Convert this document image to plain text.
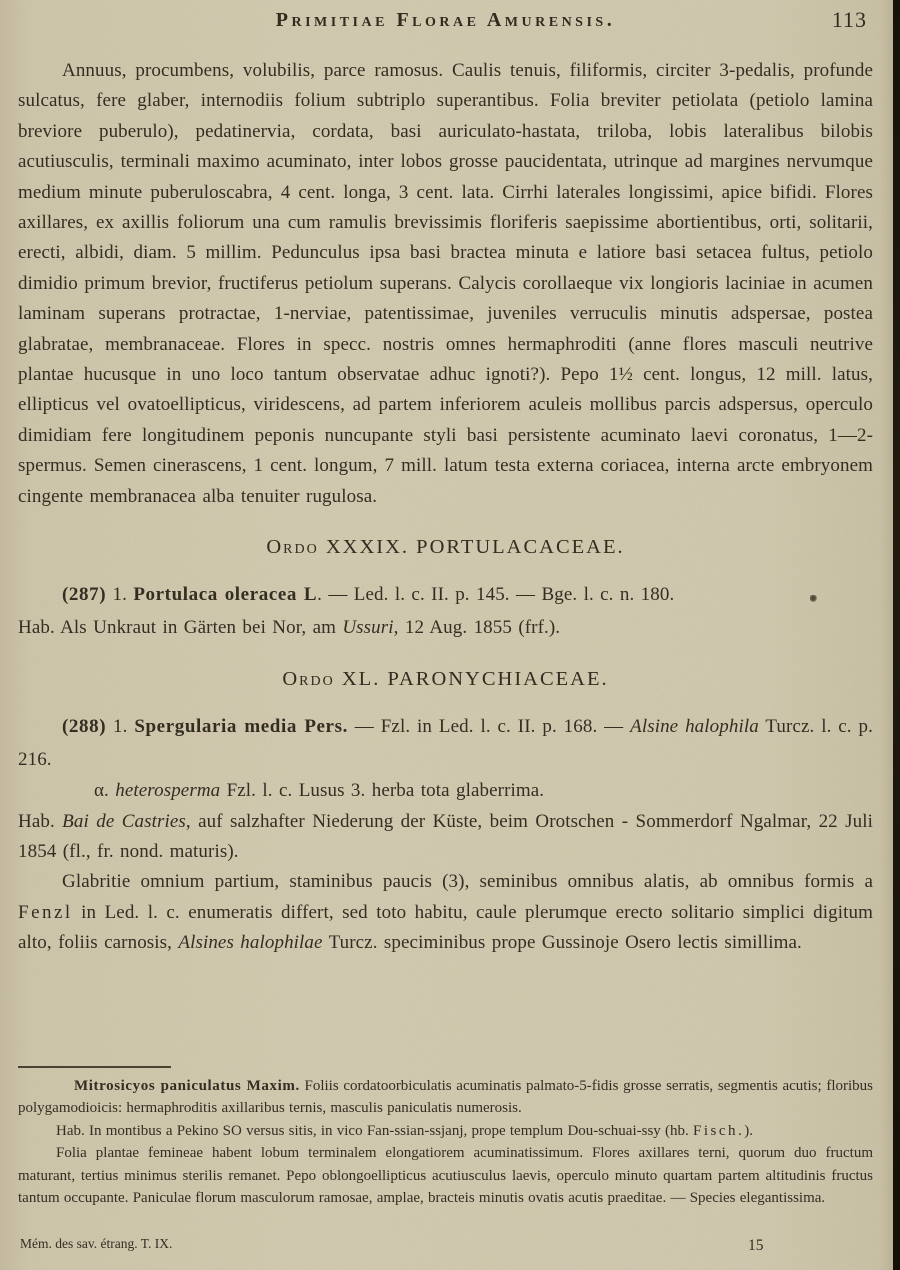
Primitiae Florae Amurensis.	113

Annuus, procumbens, volubilis, parce ramosus. Caulis tenuis, filiformis, circiter 3-pedalis, profunde sulcatus, fere glaber, internodiis folium subtriplo superantibus. Folia breviter petiolata (petiolo lamina breviore puberulo), pedatinervia, cordata, basi auriculato-hastata, triloba, lobis lateralibus bilobis acutiusculis, terminali maximo acuminato, inter lobos grosse paucidentata, utrinque ad margines nervumque medium minute puberuloscabra, 4 cent. longa, 3 cent. lata. Cirrhi laterales longissimi, apice bifidi. Flores axillares, ex axillis foliorum una cum ramulis brevissimis floriferis saepissime abortientibus, orti, solitarii, erecti, albidi, diam. 5 millim. Pedunculus ipsa basi bractea minuta e latiore basi setacea fultus, petiolo dimidio primum brevior, fructiferus petiolum superans. Calycis corollaeque vix longioris laciniae in acumen laminam superans protractae, 1-nerviae, patentissimae, juveniles verruculis minutis adspersae, postea glabratae, membranaceae. Flores in specc. nostris omnes hermaphroditi (anne flores masculi neutrive plantae hucusque in uno loco tantum observatae adhuc ignoti?). Pepo 1½ cent. longus, 12 mill. latus, ellipticus vel ovatoellipticus, viridescens, ad partem inferiorem aculeis mollibus parcis adspersus, operculo dimidiam fere longitudinem peponis nuncupante styli basi persistente acuminato laevi coronatus, 1—2-spermus. Semen cinerascens, 1 cent. longum, 7 mill. latum testa externa coriacea, interna arcte embryonem cingente membranacea alba tenuiter rugulosa.

Ordo XXXIX. PORTULACACEAE.

(287) 1. Portulaca oleracea L. — Led. l. c. II. p. 145. — Bge. l. c. n. 180.

Hab. Als Unkraut in Gärten bei Nor, am Ussuri, 12 Aug. 1855 (frf.).

Ordo XL. PARONYCHIACEAE.

(288) 1. Spergularia media Pers. — Fzl. in Led. l. c. II. p. 168. — Alsine halophila Turcz. l. c. p. 216.

α. heterosperma Fzl. l. c. Lusus 3. herba tota glaberrima.

Hab. Bai de Castries, auf salzhafter Niederung der Küste, beim Orotschen - Sommerdorf Ngalmar, 22 Juli 1854 (fl., fr. nond. maturis).

Glabritie omnium partium, staminibus paucis (3), seminibus omnibus alatis, ab omnibus formis a Fenzl in Led. l. c. enumeratis differt, sed toto habitu, caule plerumque erecto solitario simplici digitum alto, foliis carnosis, Alsines halophilae Turcz. speciminibus prope Gussinoje Osero lectis simillima.

Mitrosicyos paniculatus Maxim. Foliis cordatoorbiculatis acuminatis palmato-5-fidis grosse serratis, segmentis acutis; floribus polygamodioicis: hermaphroditis axillaribus ternis, masculis paniculatis numerosis.

Hab. In montibus a Pekino SO versus sitis, in vico Fan-ssian-ssjanj, prope templum Dou-schuai-ssy (hb. Fisch.).

Folia plantae femineae habent lobum terminalem elongatiorem acuminatissimum. Flores axillares terni, quorum duo fructum maturant, tertius minimus sterilis remanet. Pepo oblongoellipticus acutiusculus laevis, operculo minuto quartam partem altitudinis fructus tantum occupante. Paniculae florum masculorum ramosae, amplae, bracteis minutis ovatis acutis praeditae. — Species elegantissima.

Mém. des sav. étrang. T. IX.	15
